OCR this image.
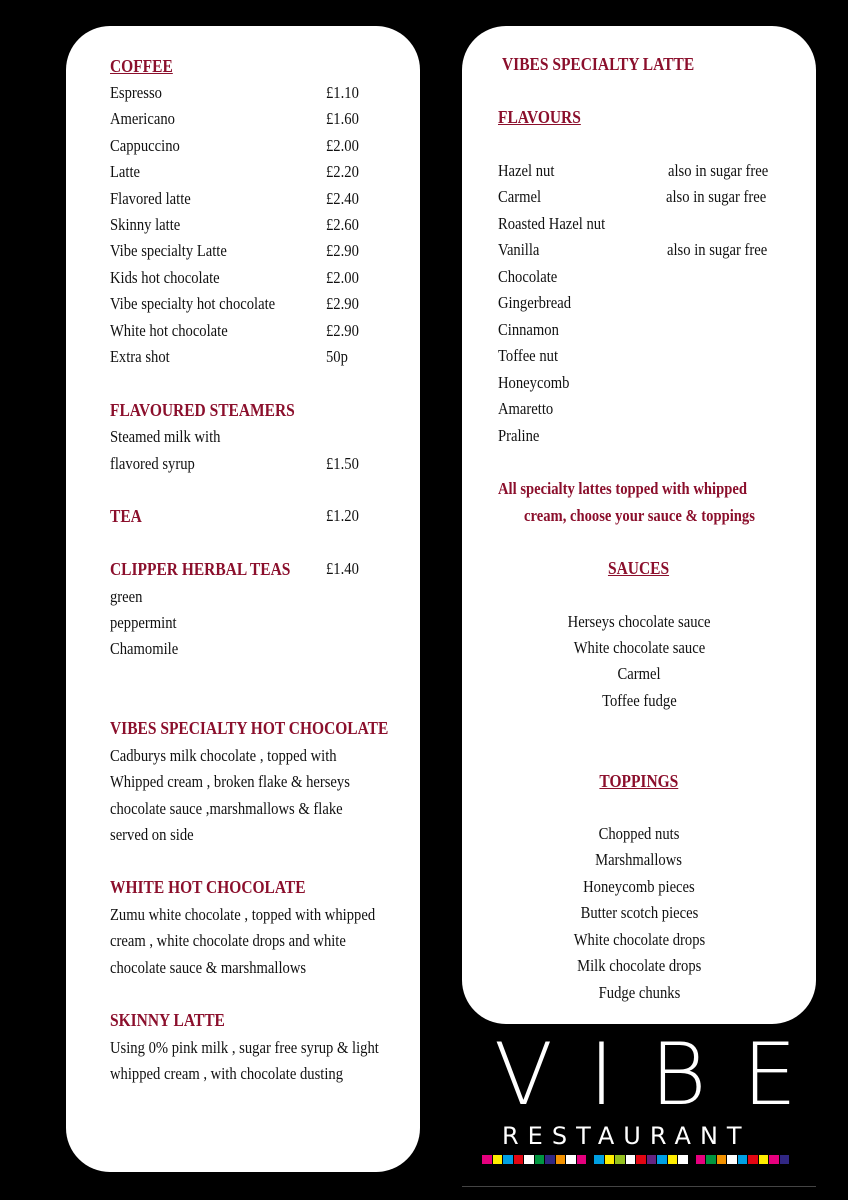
COFFEE
Espresso	£1.10
Americano	£1.60
Cappuccino	£2.00
Latte	£2.20
Flavored latte	£2.40
Skinny latte	£2.60
Vibe specialty Latte	£2.90
Kids hot chocolate	£2.00
Vibe specialty hot chocolate	£2.90
White hot chocolate	£2.90
Extra shot	50p
FLAVOURED STEAMERS
Steamed milk with
flavored syrup	£1.50
TEA	£1.20
CLIPPER HERBAL TEAS £1.40
green
peppermint
Chamomile
VIBES SPECIALTY HOT CHOCOLATE
Cadburys milk chocolate , topped with
Whipped cream , broken flake & herseys
chocolate sauce ,marshmallows & flake
served on side
WHITE HOT CHOCOLATE
Zumu white chocolate , topped with whipped
cream , white chocolate drops and white
chocolate sauce & marshmallows
SKINNY LATTE
Using 0% pink milk , sugar free syrup & light
whipped cream , with chocolate dusting
VIBES SPECIALTY LATTE
FLAVOURS
Hazel nut	also in sugar free
Carmel	also in sugar free
Roasted Hazel nut
Vanilla	also in sugar free
Chocolate
Gingerbread
Cinnamon
Toffee nut
Honeycomb
Amaretto
Praline
All specialty lattes topped with whipped
cream, choose your sauce & toppings
SAUCES
Herseys chocolate sauce
White chocolate sauce
Carmel
Toffee fudge
TOPPINGS
Chopped nuts
Marshmallows
Honeycomb pieces
Butter scotch pieces
White chocolate drops
Milk chocolate drops
Fudge chunks
VIBE
RESTAURANT
